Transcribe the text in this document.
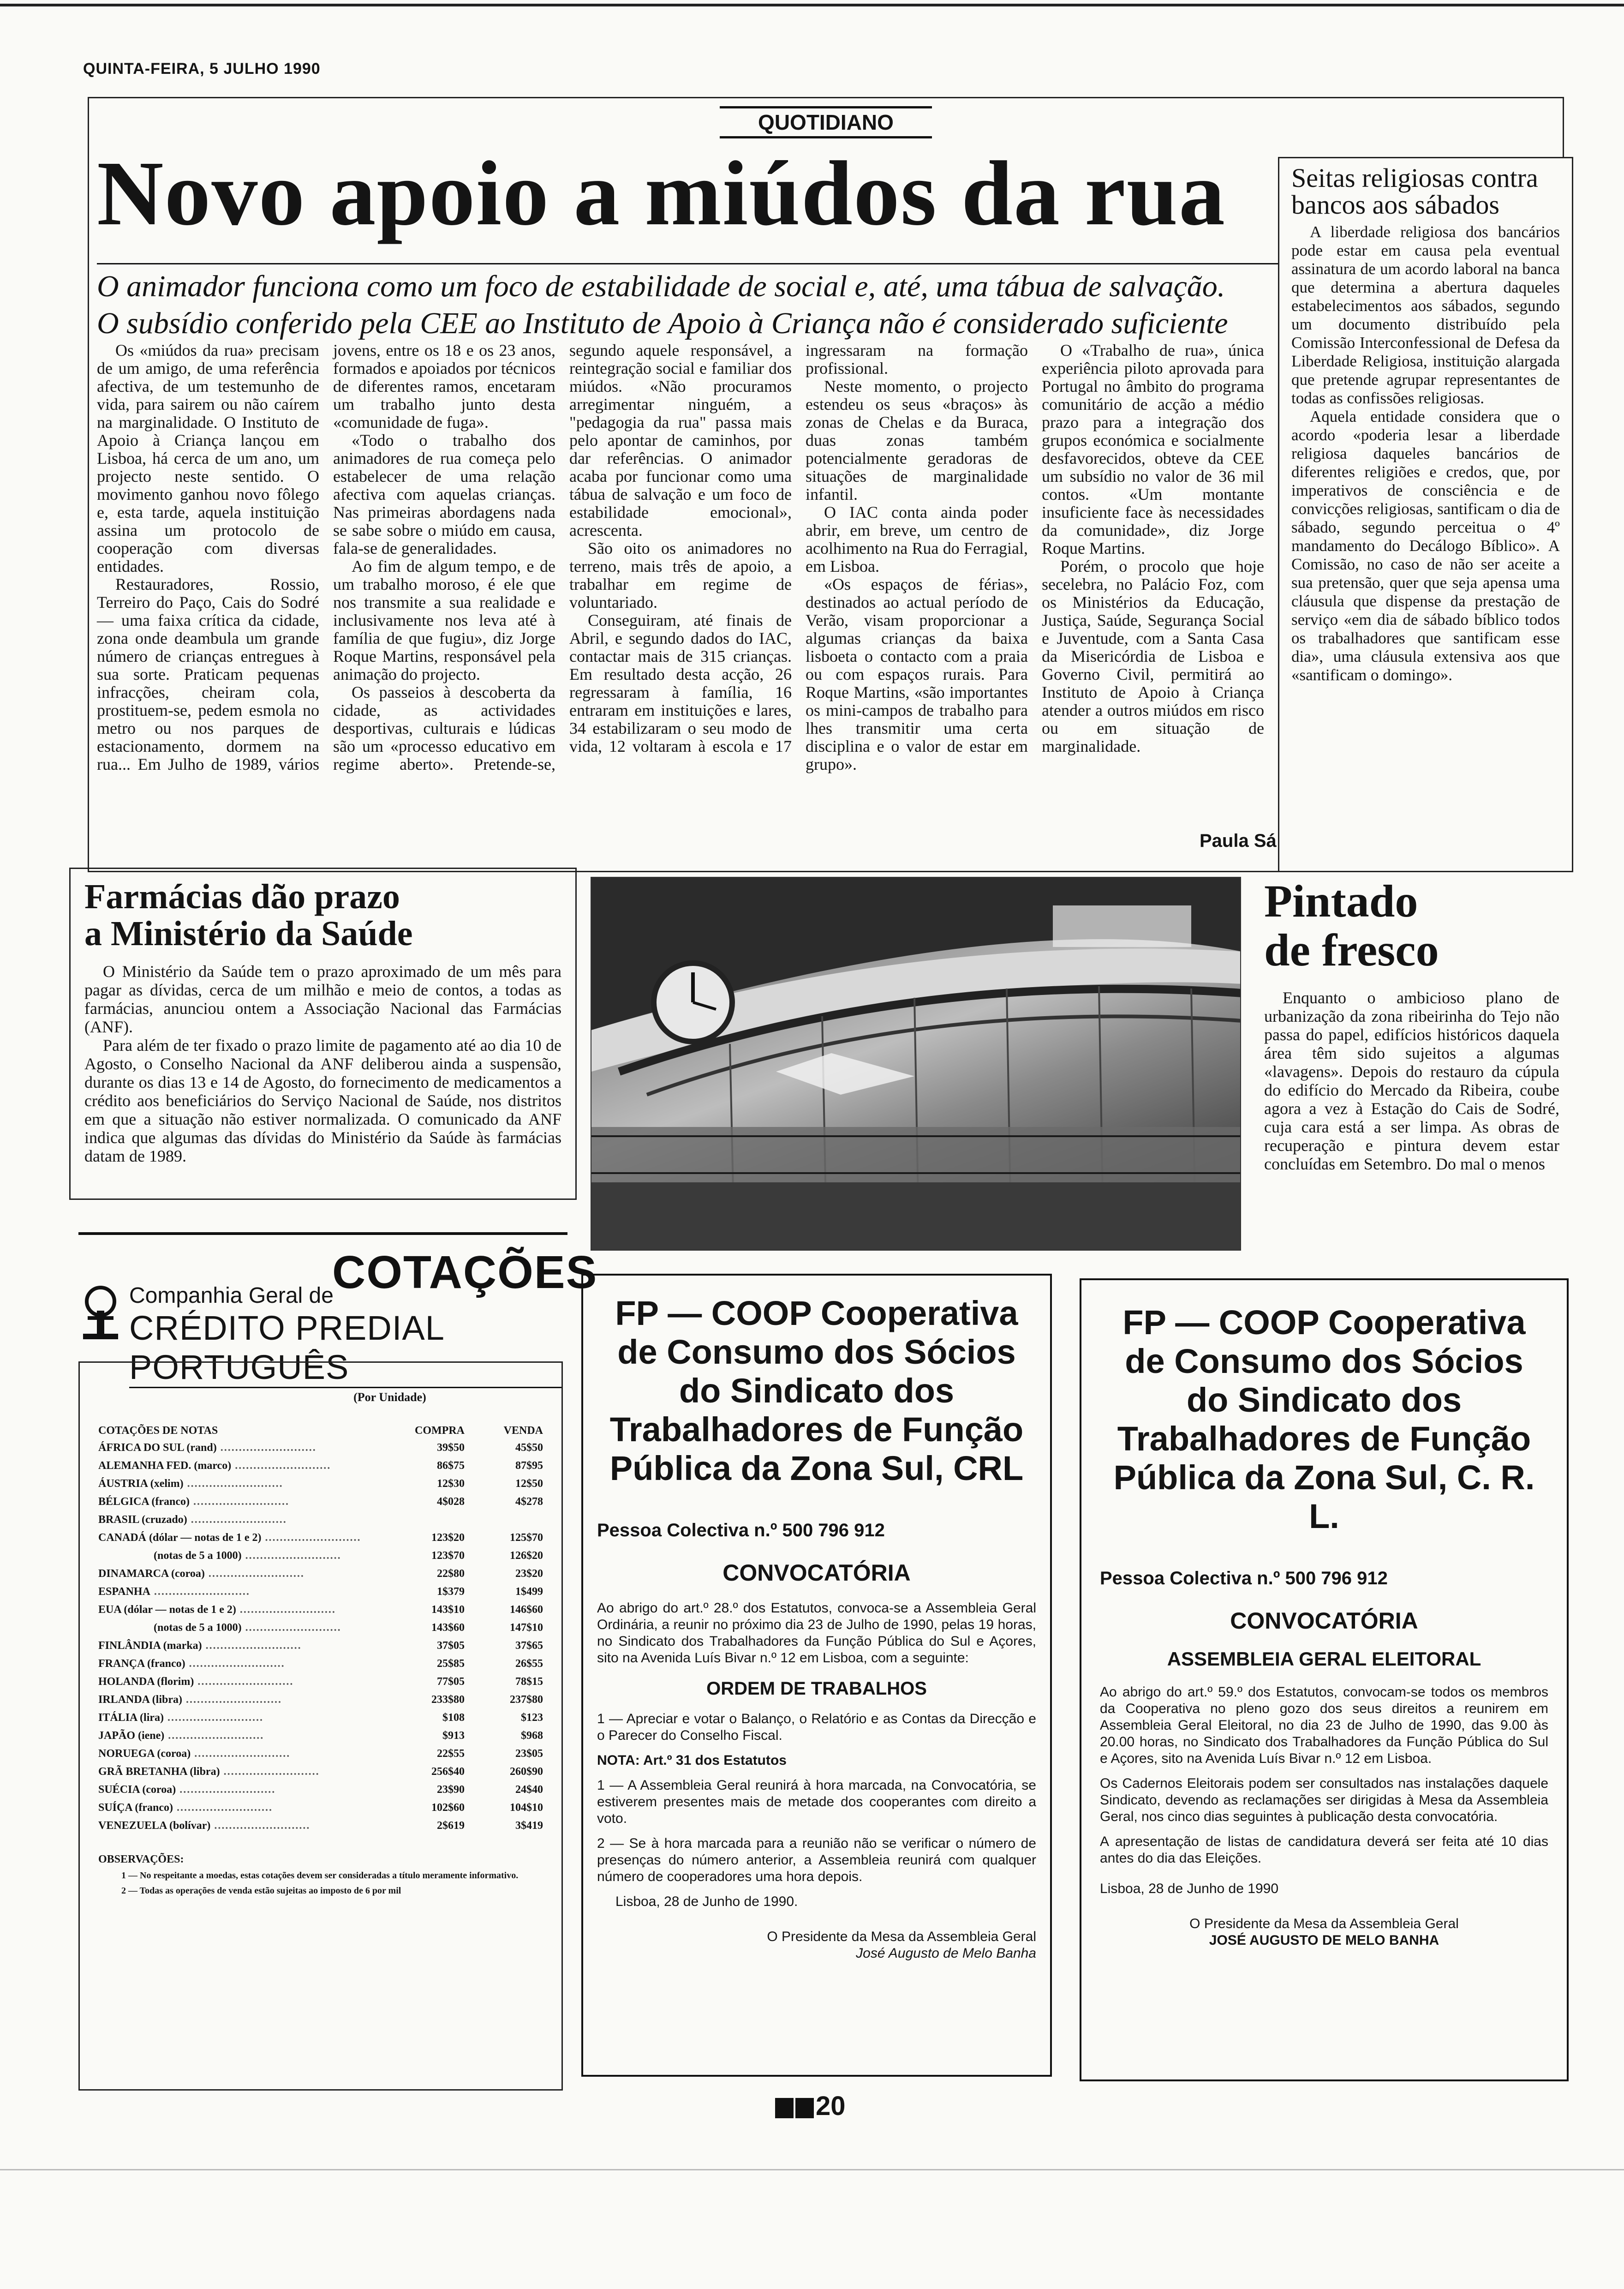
QUINTA-FEIRA, 5 JULHO 1990
QUOTIDIANO
Novo apoio a miúdos da rua
O animador funciona como um foco de estabilidade de social e, até, uma tábua de salvação.
O subsídio conferido pela CEE ao Instituto de Apoio à Criança não é considerado suficiente

Os «miúdos da rua» precisam de um amigo, de uma referência afectiva, de um testemunho de vida, para sairem ou não caírem na marginalidade. O Instituto de Apoio à Criança lançou em Lisboa, há cerca de um ano, um projecto neste sentido. O movimento ganhou novo fôlego e, esta tarde, aquela instituição assina um protocolo de cooperação com diversas entidades.

Restauradores, Rossio, Terreiro do Paço, Cais do Sodré — uma faixa crítica da cidade, zona onde deambula um grande número de crianças entregues à sua sorte. Praticam pequenas infracções, cheiram cola, prostituem-se, pedem esmola no metro ou nos parques de estacionamento, dormem na rua... Em Julho de 1989, vários jovens, entre os 18 e os 23 anos, formados e apoiados por técnicos de diferentes ramos, encetaram um trabalho junto desta «comunidade de fuga».

«Todo o trabalho dos animadores de rua começa pelo estabelecer de uma relação afectiva com aquelas crianças. Nas primeiras abordagens nada se sabe sobre o miúdo em causa, fala-se de generalidades.

Ao fim de algum tempo, e de um trabalho moroso, é ele que nos transmite a sua realidade e inclusivamente nos leva até à família de que fugiu», diz Jorge Roque Martins, responsável pela animação do projecto.

Os passeios à descoberta da cidade, as actividades desportivas, culturais e lúdicas são um «processo educativo em regime aberto». Pretende-se, segundo aquele responsável, a reintegração social e familiar dos miúdos. «Não procuramos arregimentar ninguém, a "pedagogia da rua" passa mais pelo apontar de caminhos, por dar referências. O animador acaba por funcionar como uma tábua de salvação e um foco de estabilidade emocional», acrescenta.

São oito os animadores no terreno, mais três de apoio, a trabalhar em regime de voluntariado.

Conseguiram, até finais de Abril, e segundo dados do IAC, contactar mais de 315 crianças. Em resultado desta acção, 26 regressaram à família, 16 entraram em instituições e lares, 34 estabilizaram o seu modo de vida, 12 voltaram à escola e 17 ingressaram na formação profissional.

Neste momento, o projecto estendeu os seus «braços» às zonas de Chelas e da Buraca, duas zonas também potencialmente geradoras de situações de marginalidade infantil.

O IAC conta ainda poder abrir, em breve, um centro de acolhimento na Rua do Ferragial, em Lisboa.

«Os espaços de férias», destinados ao actual período de Verão, visam proporcionar a algumas crianças da baixa lisboeta o contacto com a praia ou com espaços rurais. Para Roque Martins, «são importantes os mini-campos de trabalho para lhes transmitir uma certa disciplina e o valor de estar em grupo».

O «Trabalho de rua», única experiência piloto aprovada para Portugal no âmbito do programa comunitário de acção a médio prazo para a integração dos grupos económica e socialmente desfavorecidos, obteve da CEE um subsídio no valor de 36 mil contos. «Um montante insuficiente face às necessidades da comunidade», diz Jorge Roque Martins.

Porém, o procolo que hoje secelebra, no Palácio Foz, com os Ministérios da Educação, Justiça, Saúde, Segurança Social e Juventude, com a Santa Casa da Misericórdia de Lisboa e Governo Civil, permitirá ao Instituto de Apoio à Criança atender a outros miúdos em risco ou em situação de marginalidade.

Paula Sá
Seitas religiosas contra bancos aos sábados

A liberdade religiosa dos bancários pode estar em causa pela eventual assinatura de um acordo laboral na banca que determina a abertura daqueles estabelecimentos aos sábados, segundo um documento distribuído pela Comissão Interconfessional de Defesa da Liberdade Religiosa, instituição alargada que pretende agrupar representantes de todas as confissões religiosas.

Aquela entidade considera que o acordo «poderia lesar a liberdade religiosa daqueles bancários de diferentes religiões e credos, que, por imperativos de consciência e de convicções religiosas, santificam o dia de sábado, segundo perceitua o 4º mandamento do Decálogo Bíblico». A Comissão, no caso de não ser aceite a sua pretensão, quer que seja apensa uma cláusula que dispense da prestação de serviço «em dia de sábado bíblico todos os trabalhadores que santificam esse dia», uma cláusula extensiva aos que «santificam o domingo».

Farmácias dão prazo
a Ministério da Saúde

O Ministério da Saúde tem o prazo aproximado de um mês para pagar as dívidas, cerca de um milhão e meio de contos, a todas as farmácias, anunciou ontem a Associação Nacional das Farmácias (ANF).

Para além de ter fixado o prazo limite de pagamento até ao dia 10 de Agosto, o Conselho Nacional da ANF deliberou ainda a suspensão, durante os dias 13 e 14 de Agosto, do fornecimento de medicamentos a crédito aos beneficiários do Serviço Nacional de Saúde, nos distritos em que a situação não estiver normalizada. O comunicado da ANF indica que algumas das dívidas do Ministério da Saúde às farmácias datam de 1989.

Pintado
de fresco

Enquanto o ambicioso plano de urbanização da zona ribeirinha do Tejo não passa do papel, edifícios históricos daquela área têm sido sujeitos a algumas «lavagens». Depois do restauro da cúpula do edifício do Mercado da Ribeira, coube agora a vez à Estação do Cais de Sodré, cuja cara está a ser limpa. As obras de recuperação e pintura devem estar concluídas em Setembro. Do mal o menos

COTAÇÕES
Companhia Geral de
CRÉDITO PREDIAL PORTUGUÊS
(Por Unidade)
COTAÇÕES DE NOTAS	COMPRA	VENDA
ÁFRICA DO SUL (rand) ..........................	39$50	45$50
ALEMANHA FED. (marco) ..........................	86$75	87$95
ÁUSTRIA (xelim) ..........................	12$30	12$50
BÉLGICA (franco) ..........................	4$028	4$278
BRASIL (cruzado) ..........................		
CANADÁ (dólar — notas de 1 e 2) ..........................	123$20	125$70
(notas de 5 a 1000) ..........................	123$70	126$20
DINAMARCA (coroa) ..........................	22$80	23$20
ESPANHA ..........................	1$379	1$499
EUA (dólar — notas de 1 e 2) ..........................	143$10	146$60
(notas de 5 a 1000) ..........................	143$60	147$10
FINLÂNDIA (marka) ..........................	37$05	37$65
FRANÇA (franco) ..........................	25$85	26$55
HOLANDA (florim) ..........................	77$05	78$15
IRLANDA (libra) ..........................	233$80	237$80
ITÁLIA (lira) ..........................	$108	$123
JAPÃO (iene) ..........................	$913	$968
NORUEGA (coroa) ..........................	22$55	23$05
GRÃ BRETANHA (libra) ..........................	256$40	260$90
SUÉCIA (coroa) ..........................	23$90	24$40
SUÍÇA (franco) ..........................	102$60	104$10
VENEZUELA (bolívar) ..........................	2$619	3$419
OBSERVAÇÕES:

1 — No respeitante a moedas, estas cotações devem ser consideradas a título meramente informativo.

2 — Todas as operações de venda estão sujeitas ao imposto de 6 por mil

FP — COOP Cooperativa de Consumo dos Sócios do Sindicato dos Trabalhadores de Função Pública da Zona Sul, CRL
Pessoa Colectiva n.º 500 796 912
CONVOCATÓRIA

Ao abrigo do art.º 28.º dos Estatutos, convoca-se a Assembleia Geral Ordinária, a reunir no próximo dia 23 de Julho de 1990, pelas 19 horas, no Sindicato dos Trabalhadores da Função Pública do Sul e Açores, sito na Avenida Luís Bivar n.º 12 em Lisboa, com a seguinte:

ORDEM DE TRABALHOS

1 — Apreciar e votar o Balanço, o Relatório e as Contas da Direcção e o Parecer do Conselho Fiscal.

NOTA: Art.º 31 dos Estatutos

1 — A Assembleia Geral reunirá à hora marcada, na Convocatória, se estiverem presentes mais de metade dos cooperantes com direito a voto.

2 — Se à hora marcada para a reunião não se verificar o número de presenças do número anterior, a Assembleia reunirá com qualquer número de cooperadores uma hora depois.

Lisboa, 28 de Junho de 1990.

O Presidente da Mesa da Assembleia Geral
José Augusto de Melo Banha
FP — COOP Cooperativa de Consumo dos Sócios do Sindicato dos Trabalhadores de Função Pública da Zona Sul, C. R. L.
Pessoa Colectiva n.º 500 796 912
CONVOCATÓRIA
ASSEMBLEIA GERAL ELEITORAL

Ao abrigo do art.º 59.º dos Estatutos, convocam-se todos os membros da Cooperativa no pleno gozo dos seus direitos a reunirem em Assembleia Geral Eleitoral, no dia 23 de Julho de 1990, das 9.00 às 20.00 horas, no Sindicato dos Trabalhadores da Função Pública do Sul e Açores, sito na Avenida Luís Bivar n.º 12 em Lisboa.

Os Cadernos Eleitorais podem ser consultados nas instalações daquele Sindicato, devendo as reclamações ser dirigidas à Mesa da Assembleia Geral, nos cinco dias seguintes à publicação desta convocatória.

A apresentação de listas de candidatura deverá ser feita até 10 dias antes do dia das Eleições.

Lisboa, 28 de Junho de 1990

O Presidente da Mesa da Assembleia Geral
JOSÉ AUGUSTO DE MELO BANHA
20
